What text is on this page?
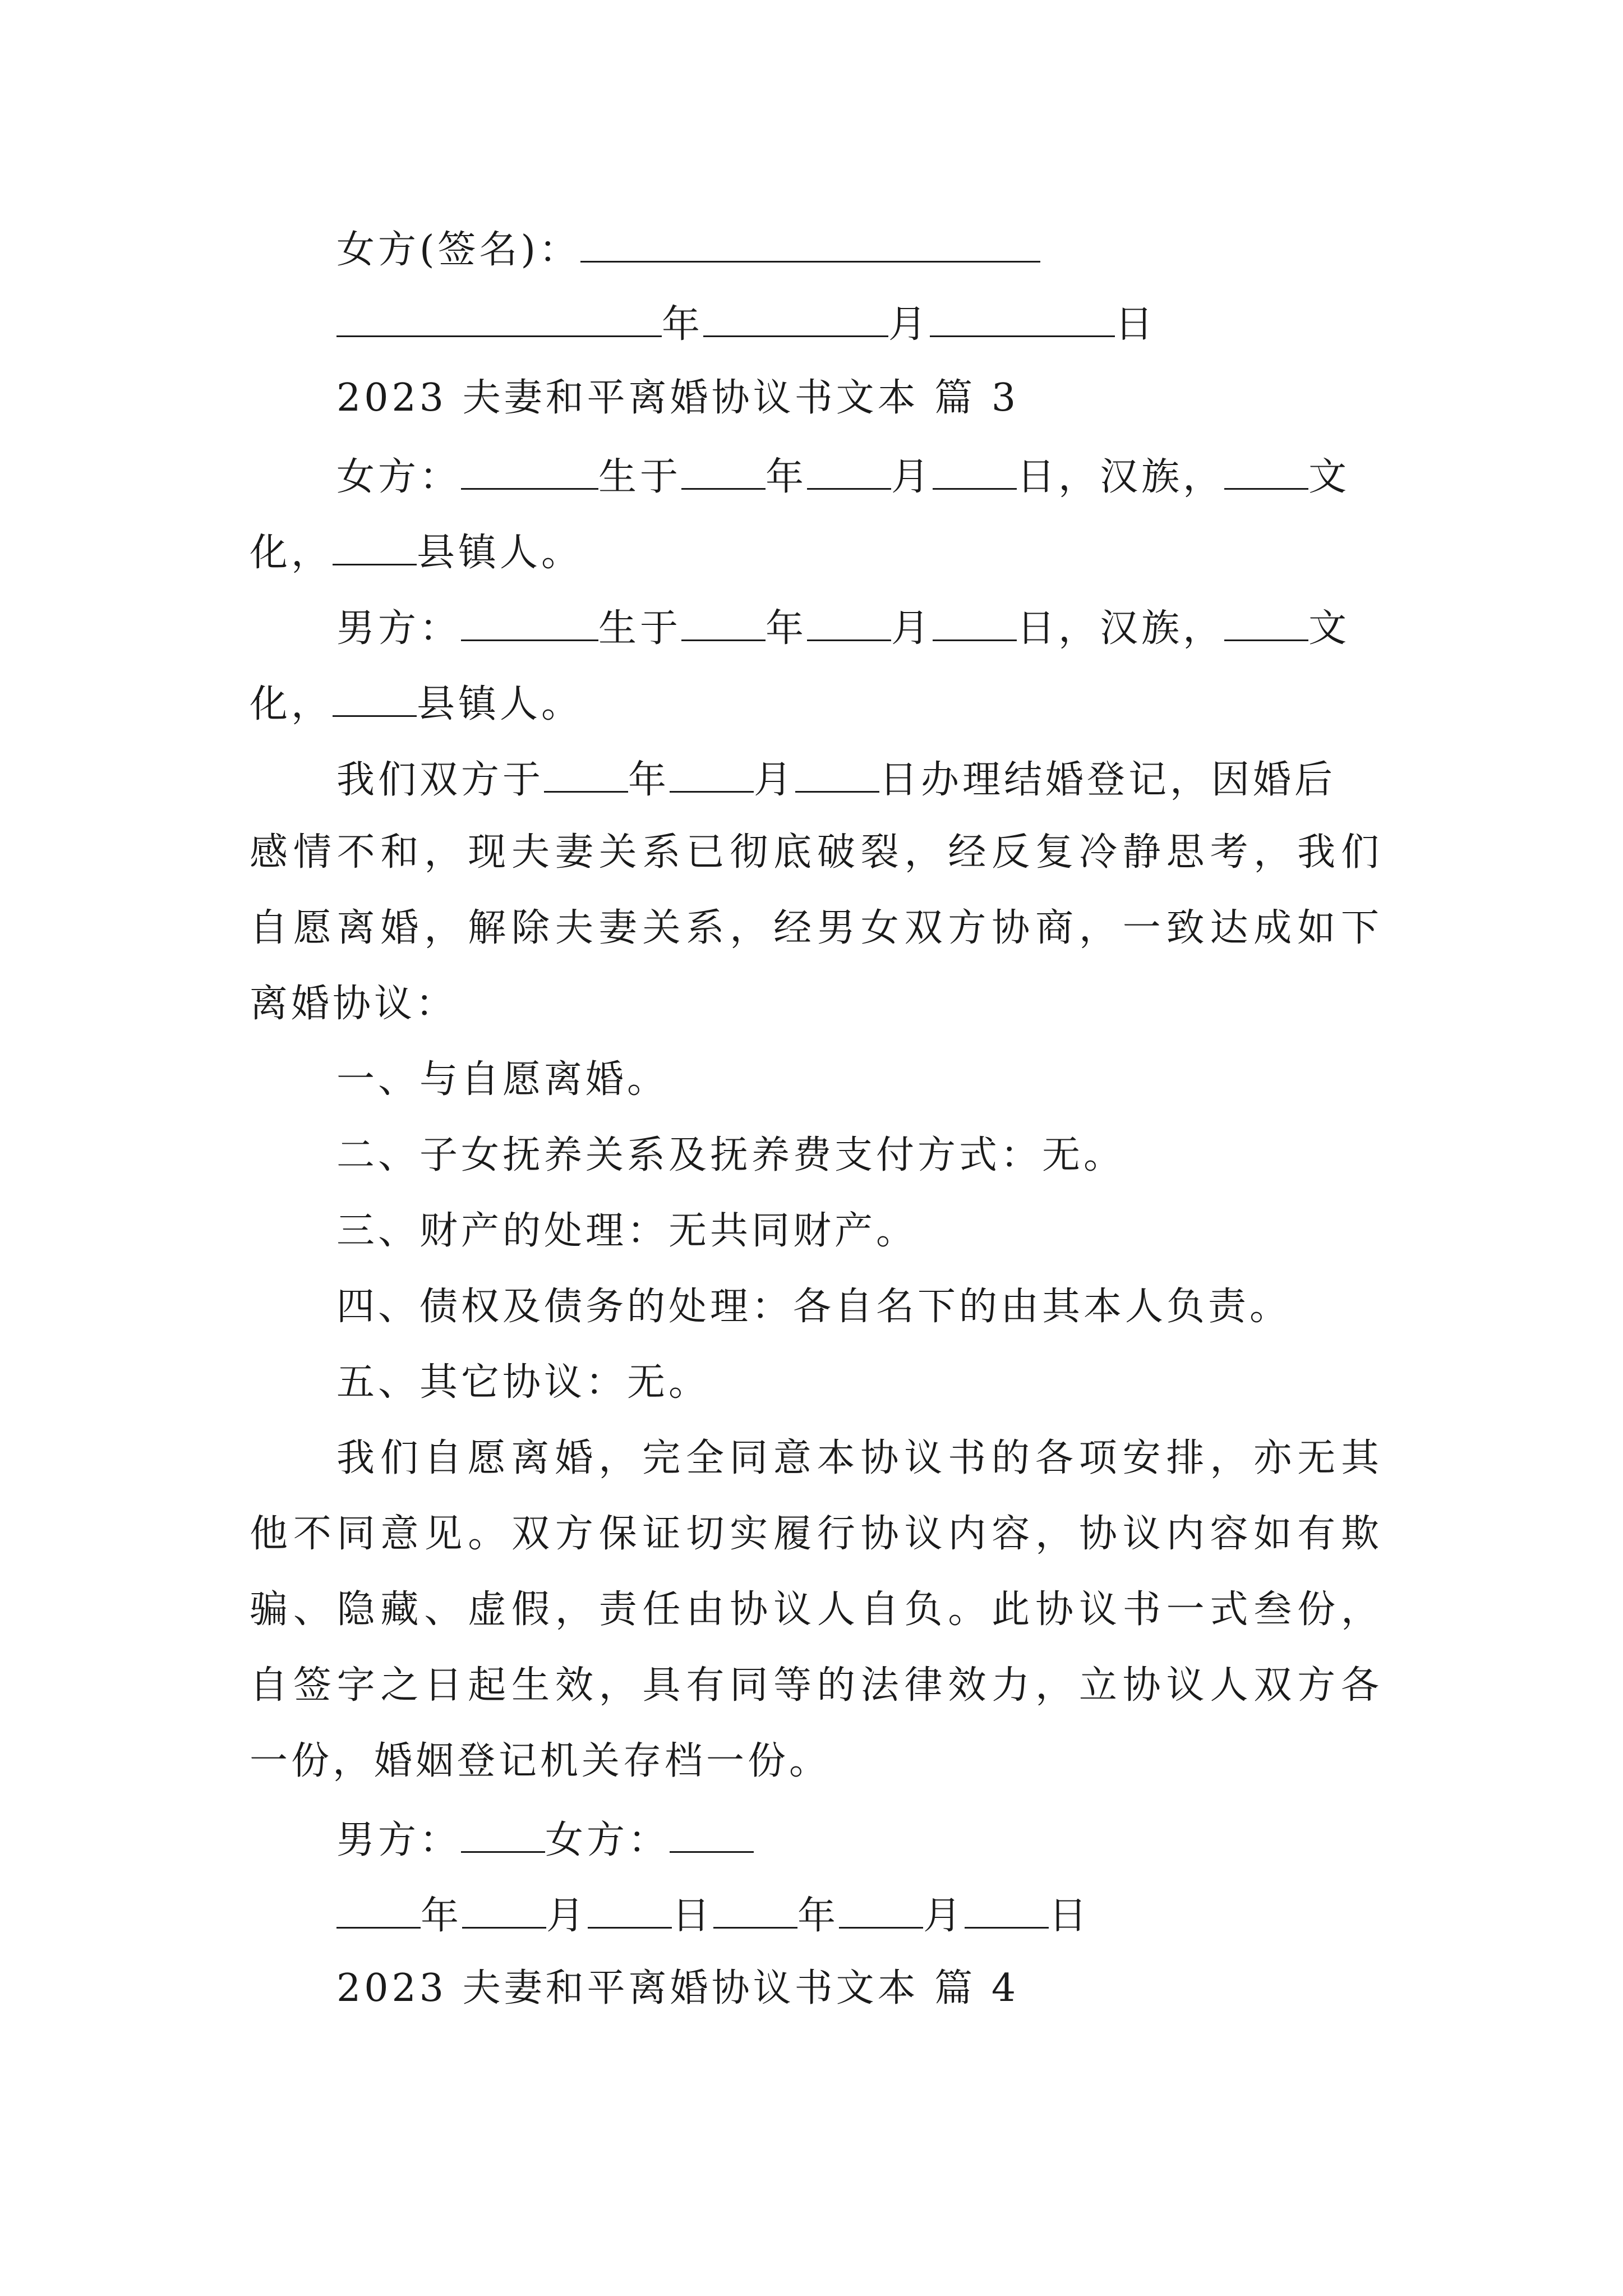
女方(签名)：
年	月	日
2023 夫妻和平离婚协议书文本 篇 3
女方：	生于 年 月 日，汉族， 文
化， 县镇人。
男方：	生于 年 月 日，汉族， 文
化， 县镇人。
我们双方于 年 月 日办理结婚登记，因婚后
感情不和，现夫妻关系已彻底破裂，经反复冷静思考，我们
自愿离婚，解除夫妻关系，经男女双方协商，一致达成如下
离婚协议：
一、与自愿离婚。
二、子女抚养关系及抚养费支付方式：无。
三、财产的处理：无共同财产。
四、债权及债务的处理：各自名下的由其本人负责。
五、其它协议：无。
我们自愿离婚，完全同意本协议书的各项安排，亦无其
他不同意见。双方保证切实履行协议内容，协议内容如有欺
骗、隐藏、虚假，责任由协议人自负。此协议书一式叁份，
自签字之日起生效，具有同等的法律效力，立协议人双方各
一份，婚姻登记机关存档一份。
男方： 女方：
年 月 日 年 月 日
2023 夫妻和平离婚协议书文本 篇 4
